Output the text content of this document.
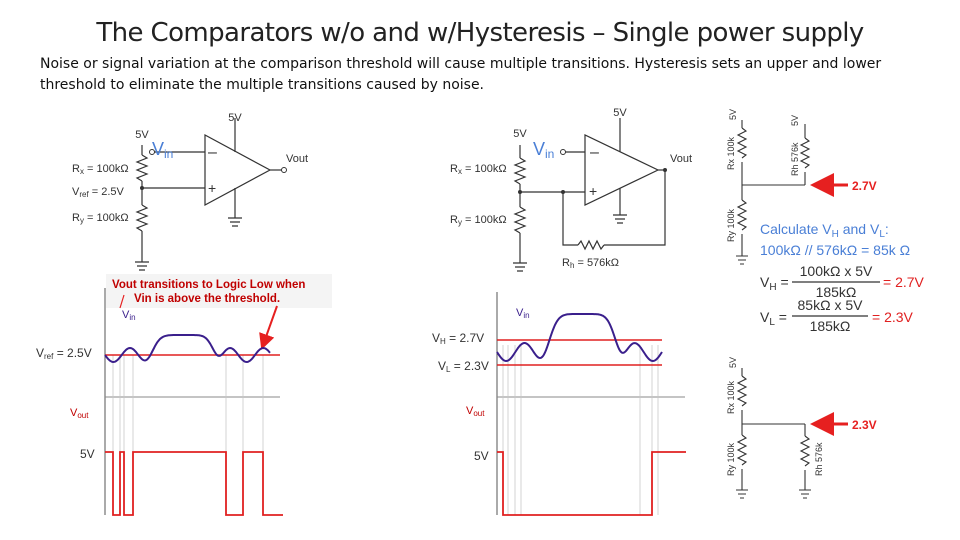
The Comparators w/o and w/Hysteresis – Single power supply
Noise or signal variation at the comparison threshold will cause multiple transitions. Hysteresis sets an upper and lower threshold to eliminate the multiple transitions caused by noise.
5V
5V
Rx = 100kΩ
Vref = 2.5V
Ry = 100kΩ
Vin –
+
Vout
5V
5V
Rx = 100kΩ
Ry = 100kΩ
Vin –
+
Vout
Rh = 576kΩ
Vout transitions to Logic Low when
Vin is above the threshold.
Vin
Vref = 2.5V
Vout
5V
Vin
VH = 2.7V
VL = 2.3V
Vout
5V
5V
Rx 100k
5V
Rh 576k
Ry 100k
2.7V
Calculate $V_H$ and $V_L$:
100kΩ // 576kΩ = 85k Ω
$V_H$ =
100kΩ x 5V
185kΩ
= 2.7V
$V_L$ =
85kΩ x 5V
185kΩ
= 2.3V
5V
Rx 100k
Ry 100k	Rh 576k
2.3V
